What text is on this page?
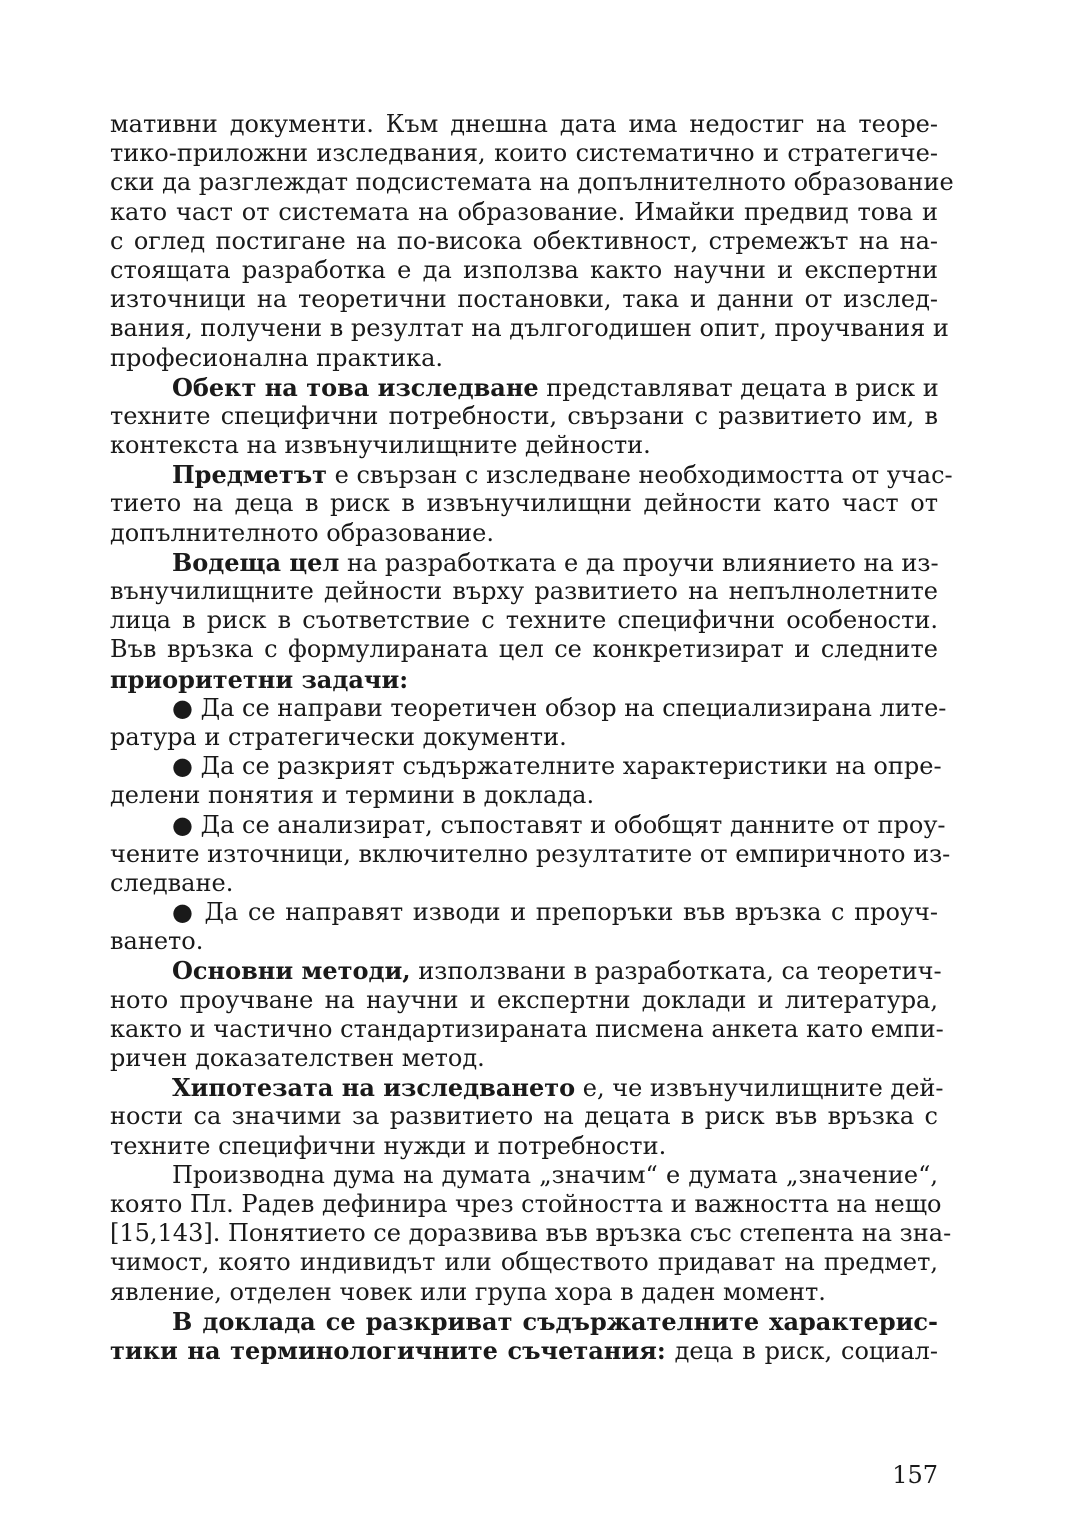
мативни документи. Към днешна дата има недостиг на теоре-
тико-приложни изследвания, които систематично и стратегиче-
ски да разглеждат подсистемата на допълнителното образование
като част от системата на образование. Имайки предвид това и
с оглед постигане на по-висока обективност, стремежът на на-
стоящата разработка е да използва както научни и експертни
източници на теоретични постановки, така и данни от изслед-
вания, получени в резултат на дългогодишен опит, проучвания и
професионална практика.
Обект на това изследване представляват децата в риск и
техните специфични потребности, свързани с развитието им, в
контекста на извънучилищните дейности.
Предметът е свързан с изследване необходимостта от учас-
тието на деца в риск в извънучилищни дейности като част от
допълнителното образование.
Водеща цел на разработката е да проучи влиянието на из-
вънучилищните дейности върху развитието на непълнолетните
лица в риск в съответствие с техните специфични особености.
Във връзка с формулираната цел се конкретизират и следните
приоритетни задачи:
● Да се направи теоретичен обзор на специализирана лите-
ратура и стратегически документи.
● Да се разкрият съдържателните характеристики на опре-
делени понятия и термини в доклада.
● Да се анализират, съпоставят и обобщят данните от проу-
чените източници, включително резултатите от емпиричното из-
следване.
● Да се направят изводи и препоръки във връзка с проуч-
ването.
Основни методи, използвани в разработката, са теоретич-
ното проучване на научни и експертни доклади и литература,
както и частично стандартизираната писмена анкета като емпи-
ричен доказателствен метод.
Хипотезата на изследването е, че извънучилищните дей-
ности са значими за развитието на децата в риск във връзка с
техните специфични нужди и потребности.
Производна дума на думата „значим“ е думата „значение“,
която Пл. Радев дефинира чрез стойността и важността на нещо
[15,143]. Понятието се доразвива във връзка със степента на зна-
чимост, която индивидът или обществото придават на предмет,
явление, отделен човек или група хора в даден момент.
В доклада се разкриват съдържателните характерис-
тики на терминологичните съчетания: деца в риск, социал-
157
